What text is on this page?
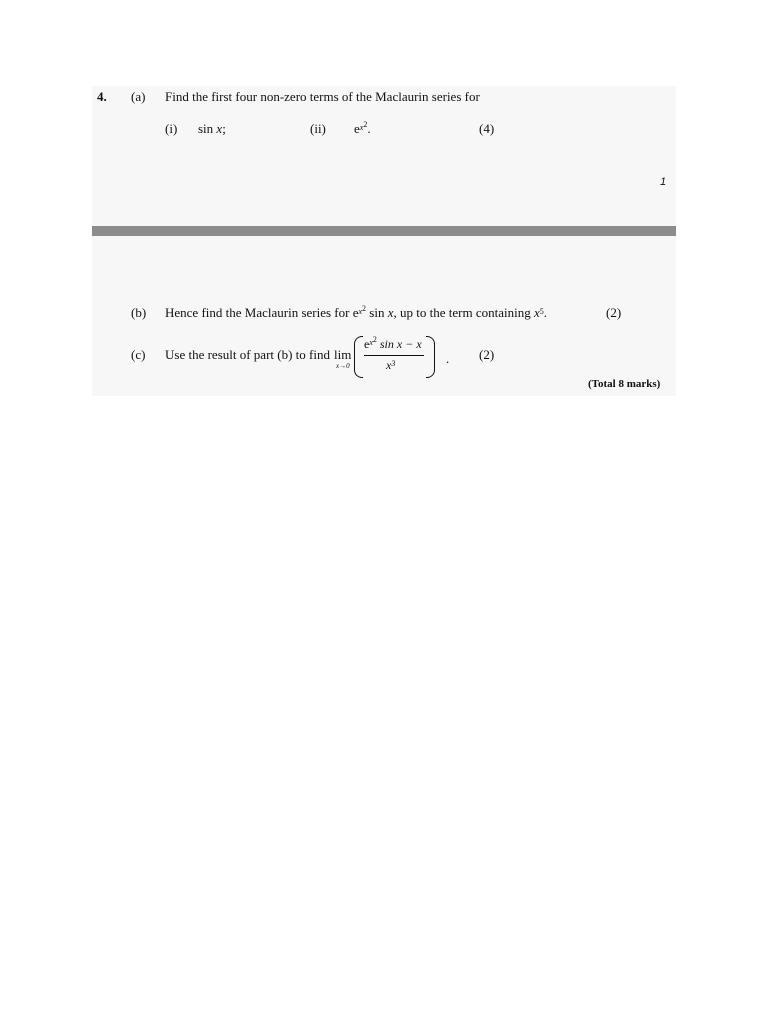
4. (a) Find the first four non-zero terms of the Maclaurin series for
(i) sin x;	(ii) $e^{x^2}$.	(4)
1
(b) Hence find the Maclaurin series for $e^{x^2}$ sin x, up to the term containing $x^5$.	(2)
(c) Use the result of part (b) to find lim
x→0
$e^{x^2}$ sin x − x
$x^3$	. (2)
(Total 8 marks)
